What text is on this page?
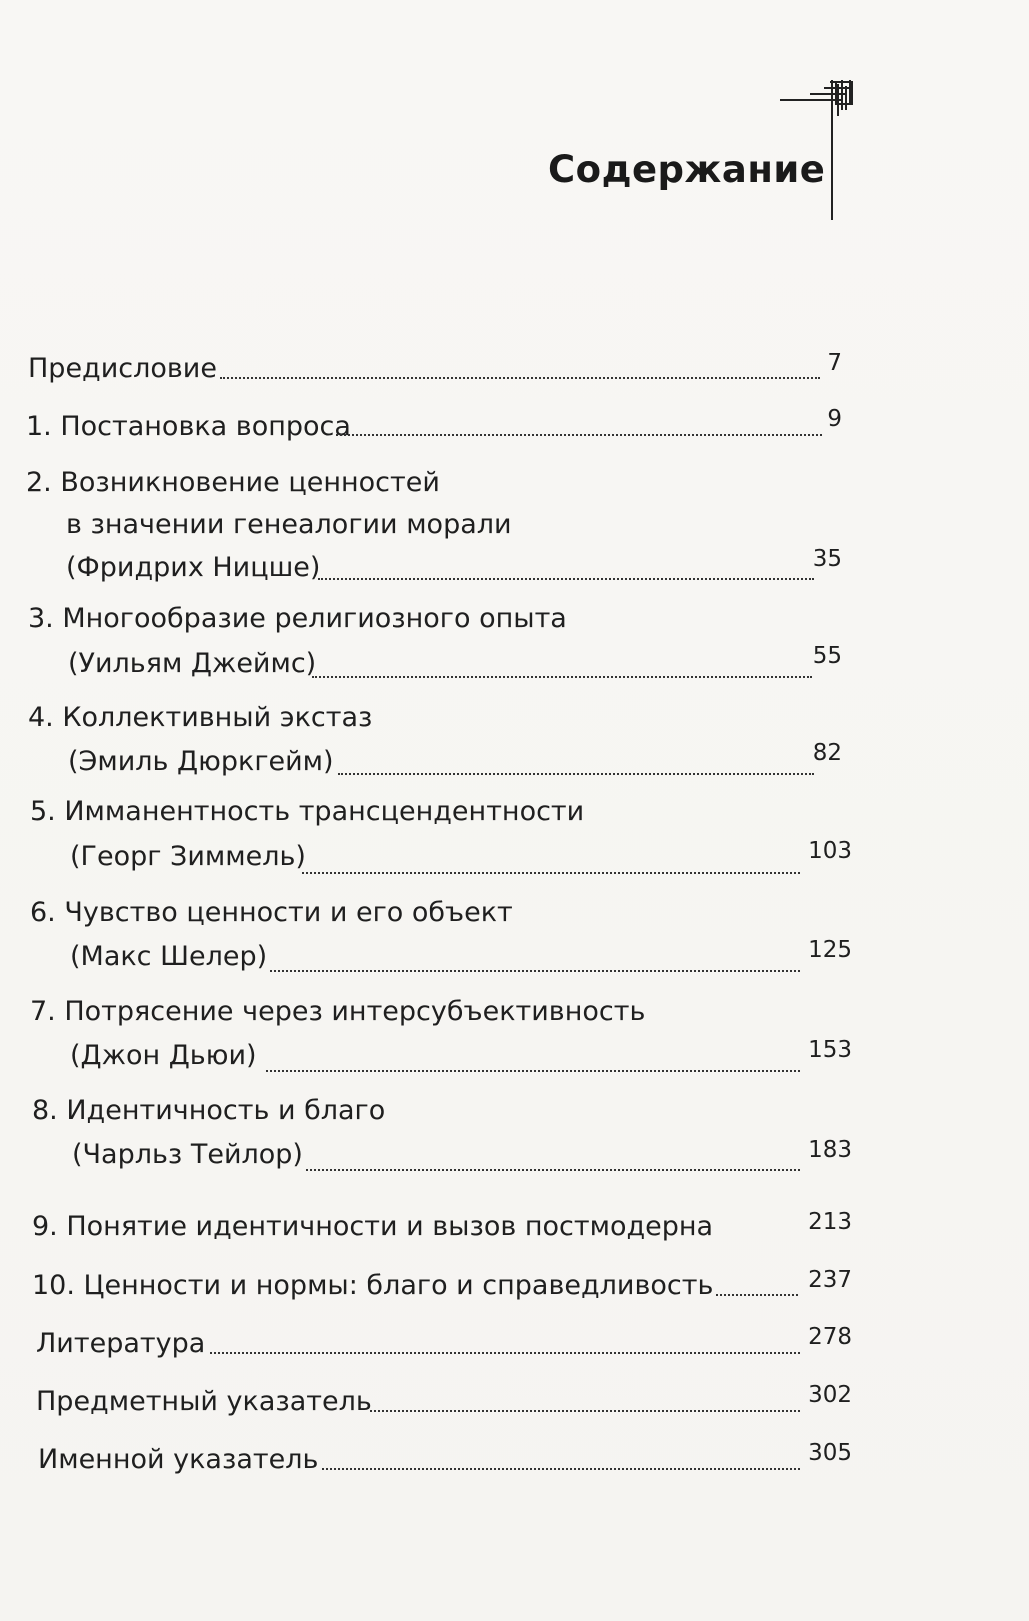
Содержание
Предисловие	7
1. Постановка вопроса	9
2. Возникновение ценностей
в значении генеалогии морали
(Фридрих Ницше)	35
3. Многообразие религиозного опыта
(Уильям Джеймс)	55
4. Коллективный экстаз
(Эмиль Дюркгейм)	82
5. Имманентность трансцендентности
(Георг Зиммель)	103
6. Чувство ценности и его объект
(Макс Шелер)	125
7. Потрясение через интерсубъективность
(Джон Дьюи)	153
8. Идентичность и благо
(Чарльз Тейлор)	183
9. Понятие идентичности и вызов постмодерна	213
10. Ценности и нормы: благо и справедливость	237
Литература	278
Предметный указатель	302
Именной указатель	305
